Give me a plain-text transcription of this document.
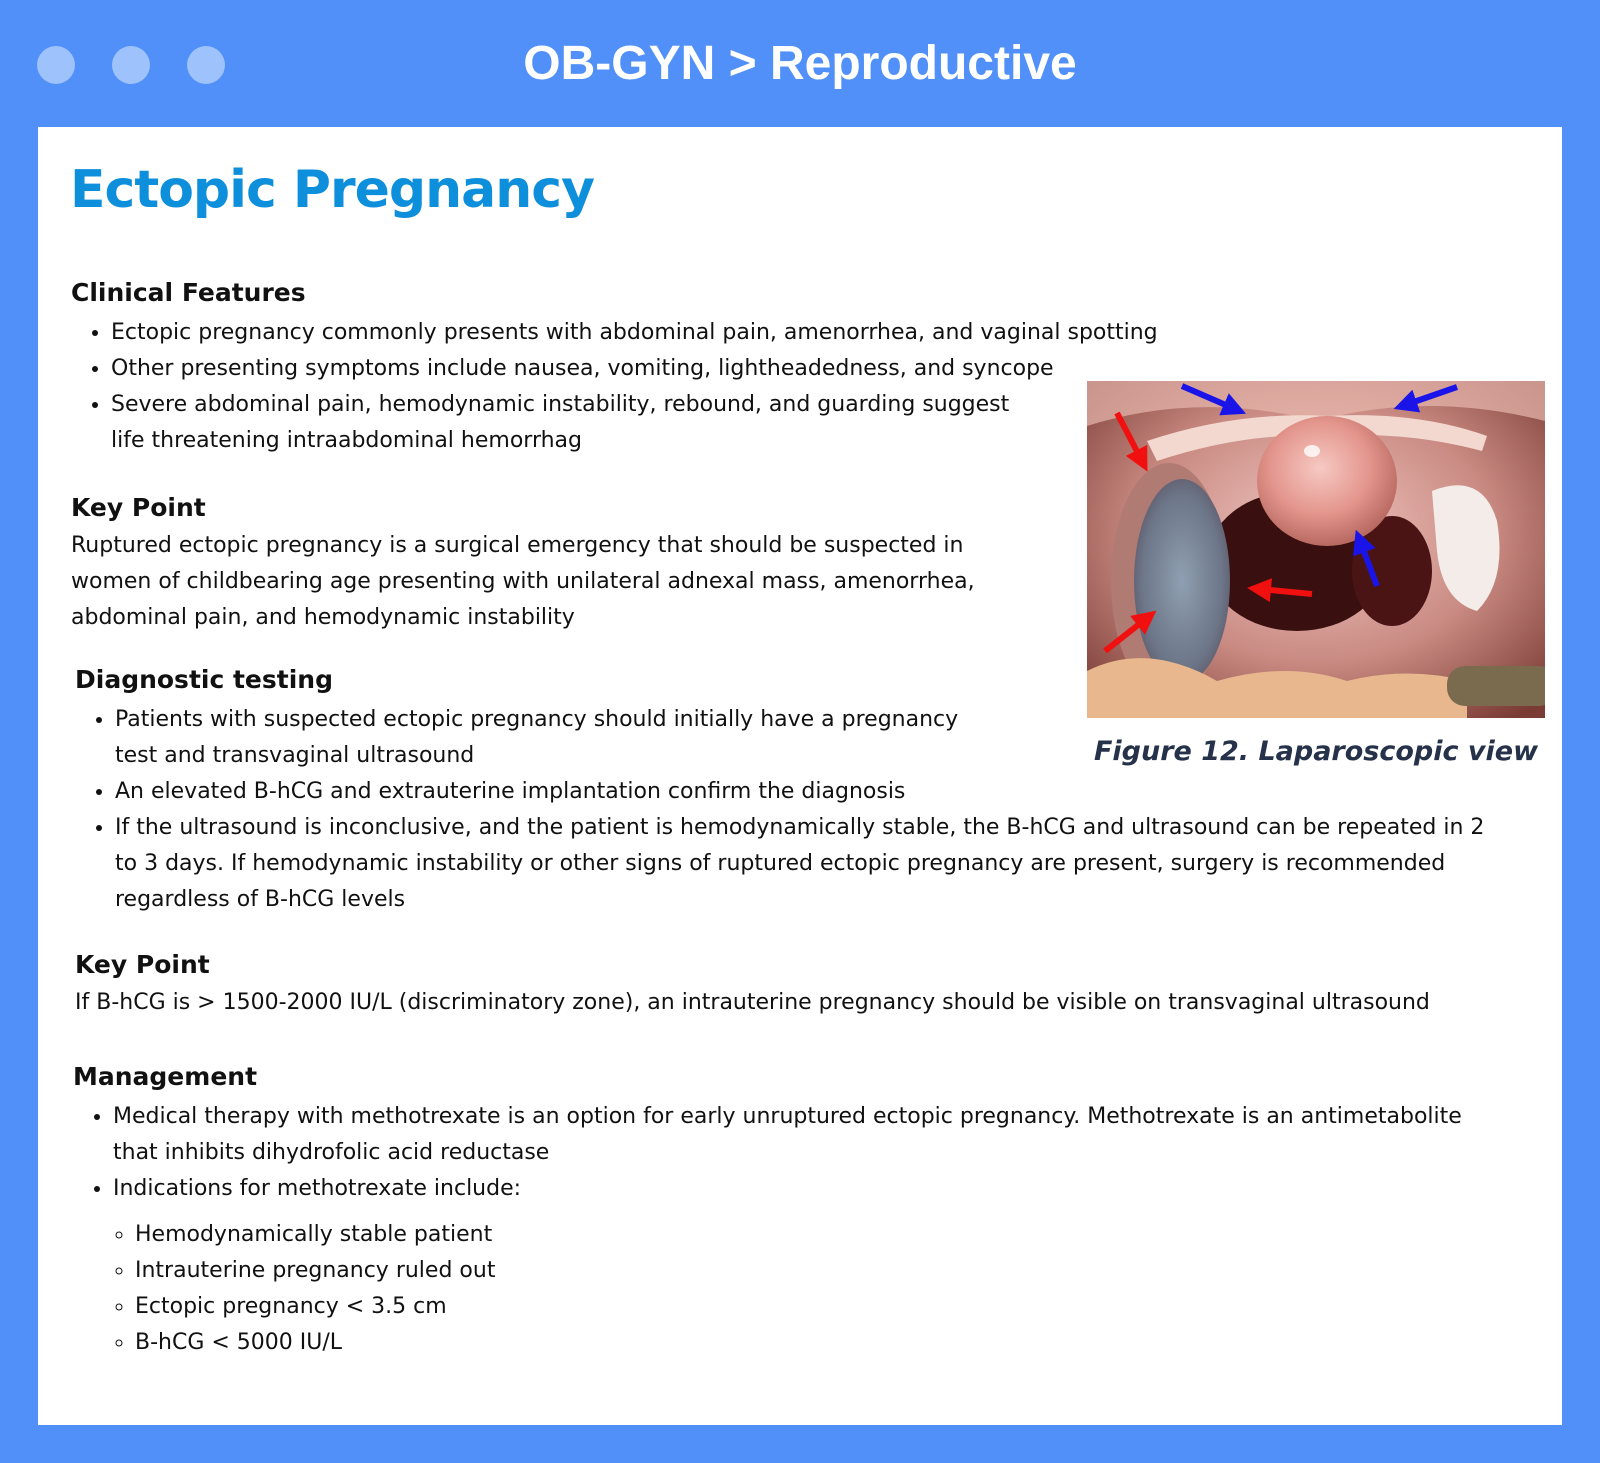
OB-GYN > Reproductive
Ectopic Pregnancy
Clinical Features
• Ectopic pregnancy commonly presents with abdominal pain, amenorrhea, and vaginal spotting
• Other presenting symptoms include nausea, vomiting, lightheadedness, and syncope
• Severe abdominal pain, hemodynamic instability, rebound, and guarding suggest life threatening intraabdominal hemorrhag
Key Point

Ruptured ectopic pregnancy is a surgical emergency that should be suspected in women of childbearing age presenting with unilateral adnexal mass, amenorrhea, abdominal pain, and hemodynamic instability

Figure 12. Laparoscopic view

Diagnostic testing
• Patients with suspected ectopic pregnancy should initially have a pregnancy test and transvaginal ultrasound
• An elevated B-hCG and extrauterine implantation confirm the diagnosis
• If the ultrasound is inconclusive, and the patient is hemodynamically stable, the B-hCG and ultrasound can be repeated in 2 to 3 days. If hemodynamic instability or other signs of ruptured ectopic pregnancy are present, surgery is recommended regardless of B-hCG levels
Key Point

If B-hCG is > 1500-2000 IU/L (discriminatory zone), an intrauterine pregnancy should be visible on transvaginal ultrasound

Management
• Medical therapy with methotrexate is an option for early unruptured ectopic pregnancy. Methotrexate is an antimetabolite that inhibits dihydrofolic acid reductase
• Indications for methotrexate include:
◦ Hemodynamically stable patient
◦ Intrauterine pregnancy ruled out
◦ Ectopic pregnancy < 3.5 cm
◦ B-hCG < 5000 IU/L
